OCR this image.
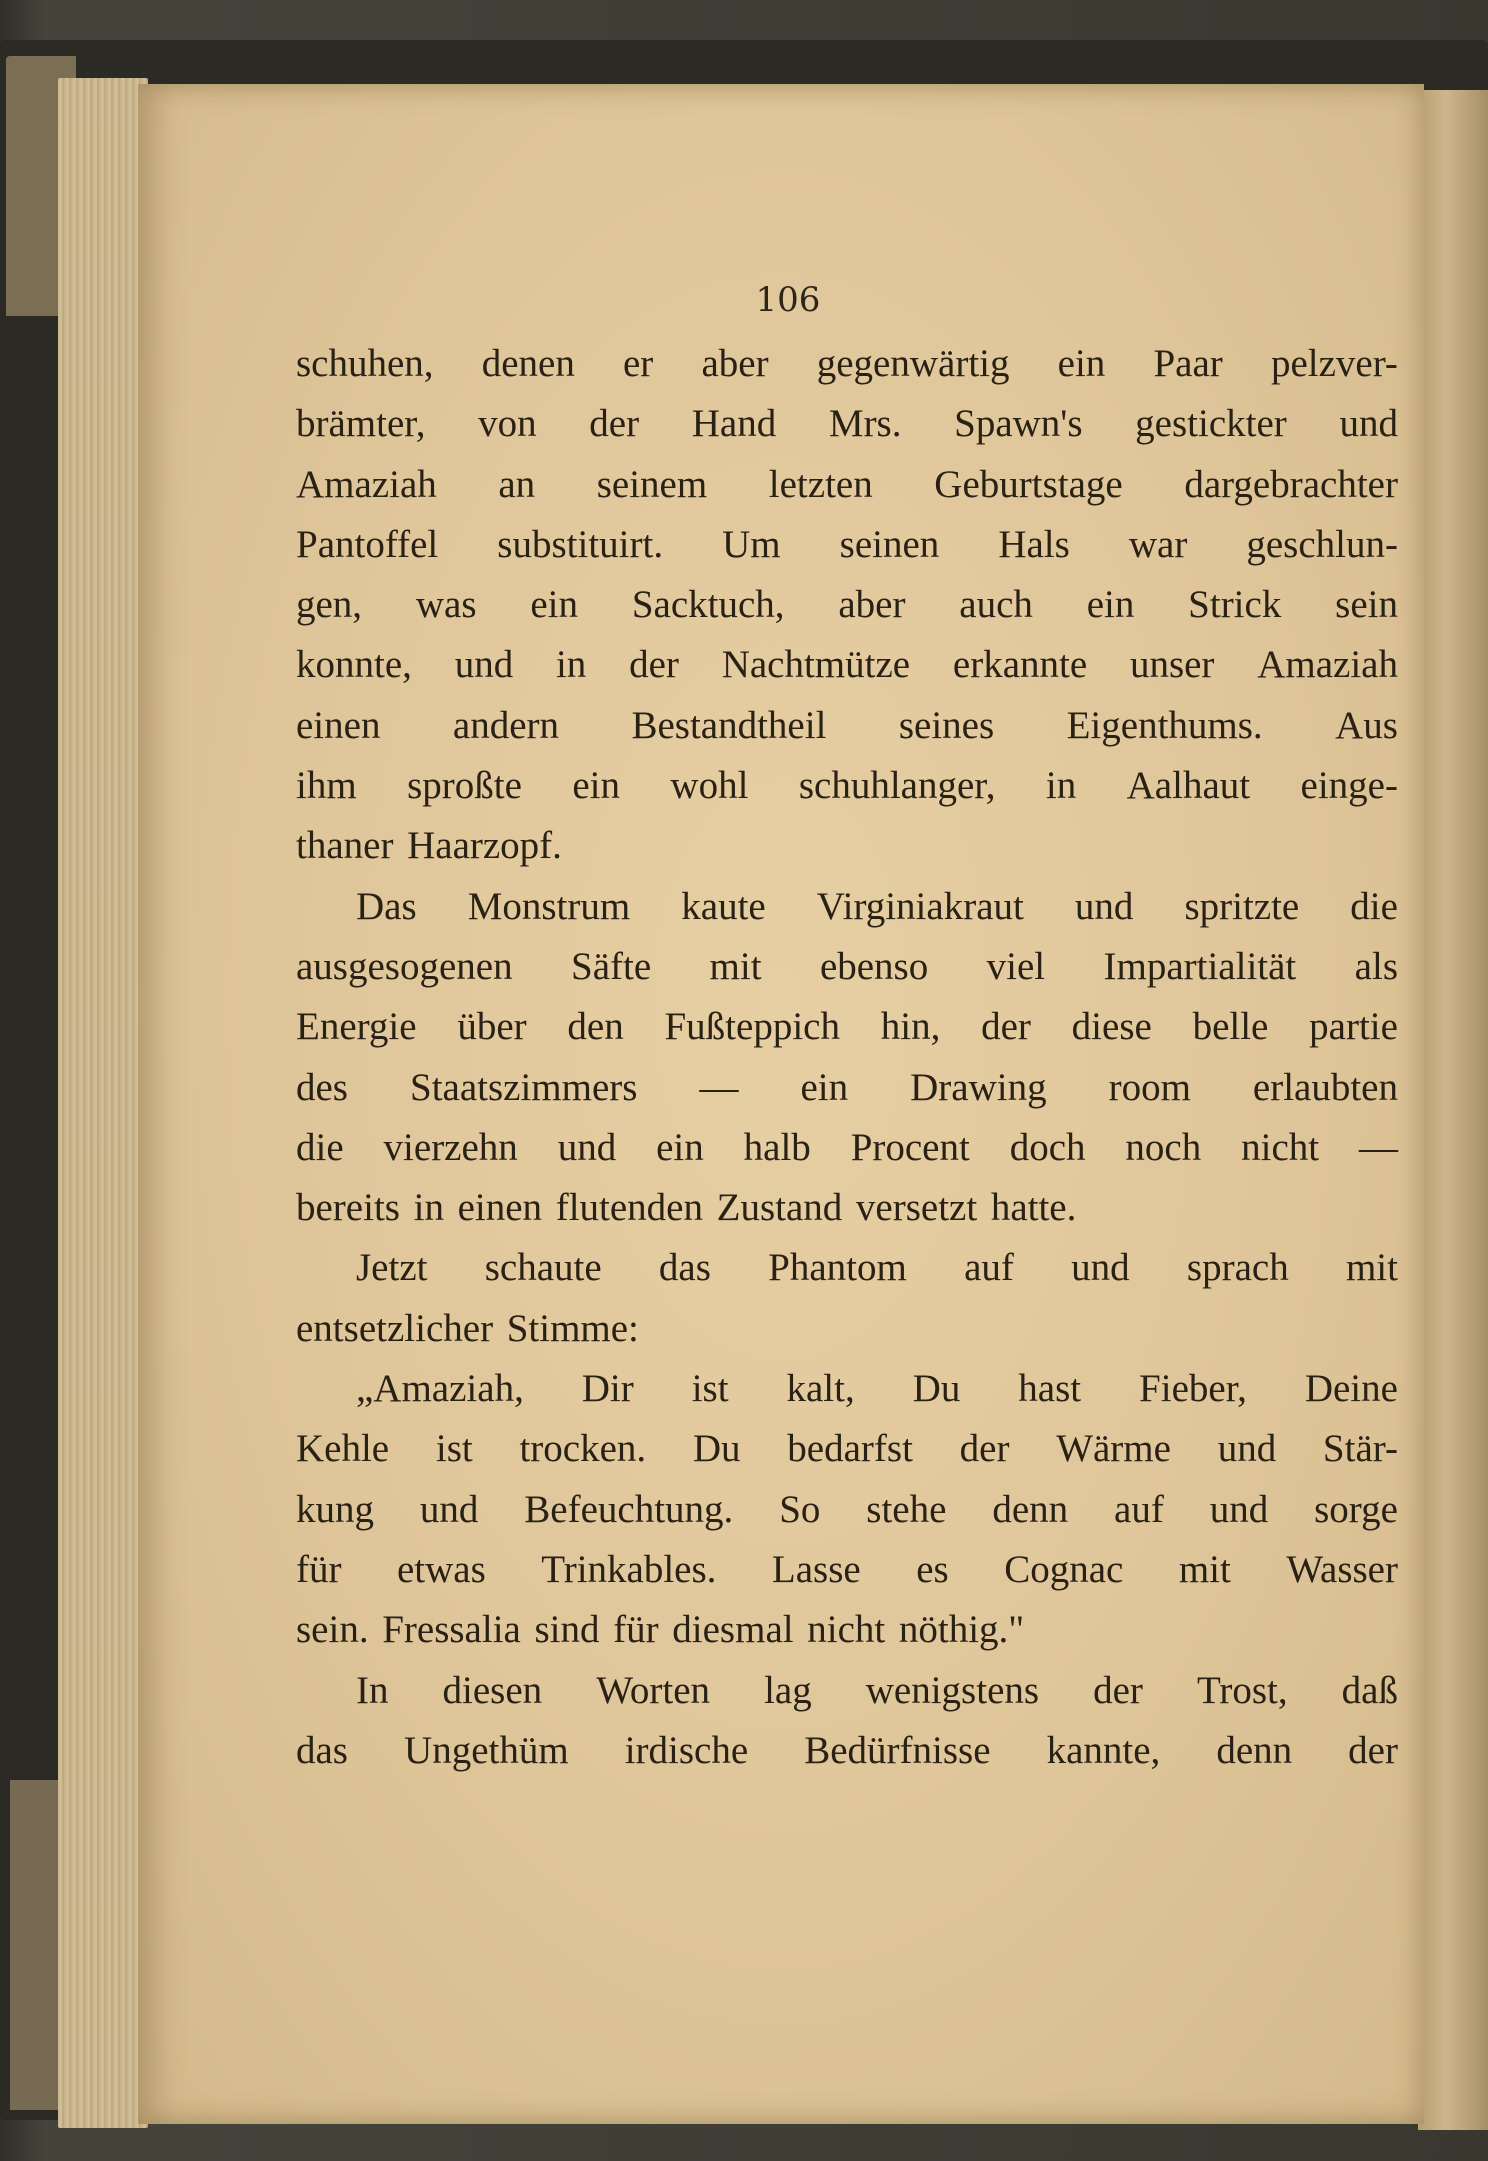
106
schuhen, denen er aber gegenwärtig ein Paar pelzver-
brämter, von der Hand Mrs. Spawn's gestickter und
Amaziah an seinem letzten Geburtstage dargebrachter
Pantoffel substituirt. Um seinen Hals war geschlun-
gen, was ein Sacktuch, aber auch ein Strick sein
konnte, und in der Nachtmütze erkannte unser Amaziah
einen andern Bestandtheil seines Eigenthums. Aus
ihm sproßte ein wohl schuhlanger, in Aalhaut einge-
thaner Haarzopf.
Das Monstrum kaute Virginiakraut und spritzte die
ausgesogenen Säfte mit ebenso viel Impartialität als
Energie über den Fußteppich hin, der diese belle partie
des Staatszimmers — ein Drawing room erlaubten
die vierzehn und ein halb Procent doch noch nicht —
bereits in einen flutenden Zustand versetzt hatte.
Jetzt schaute das Phantom auf und sprach mit
entsetzlicher Stimme:
„Amaziah, Dir ist kalt, Du hast Fieber, Deine
Kehle ist trocken. Du bedarfst der Wärme und Stär-
kung und Befeuchtung. So stehe denn auf und sorge
für etwas Trinkables. Lasse es Cognac mit Wasser
sein. Fressalia sind für diesmal nicht nöthig."
In diesen Worten lag wenigstens der Trost, daß
das Ungethüm irdische Bedürfnisse kannte, denn der
